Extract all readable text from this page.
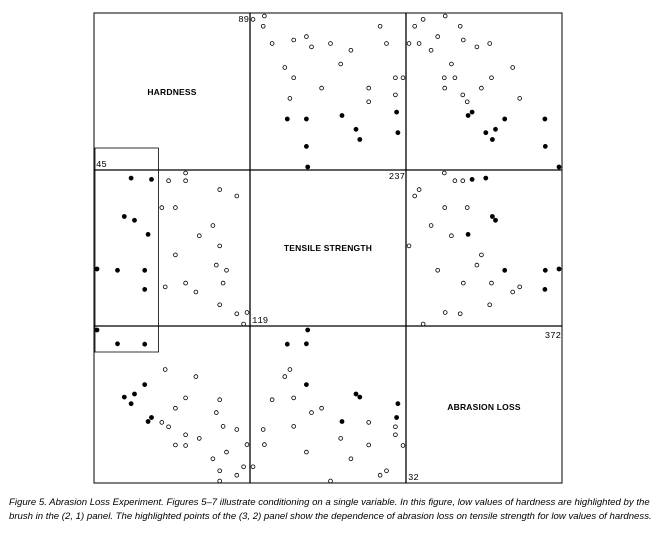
HARDNESS
TENSILE STRENGTH
ABRASION LOSS
45
89
119
237
32
372

Figure 5. Abrasion Loss Experiment. Figures 5–7 illustrate conditioning on a single variable. In this figure, low values of hardness are highlighted by the brush in the (2, 1) panel. The highlighted points of the (3, 2) panel show the dependence of abrasion loss on tensile strength for low values of hardness.
